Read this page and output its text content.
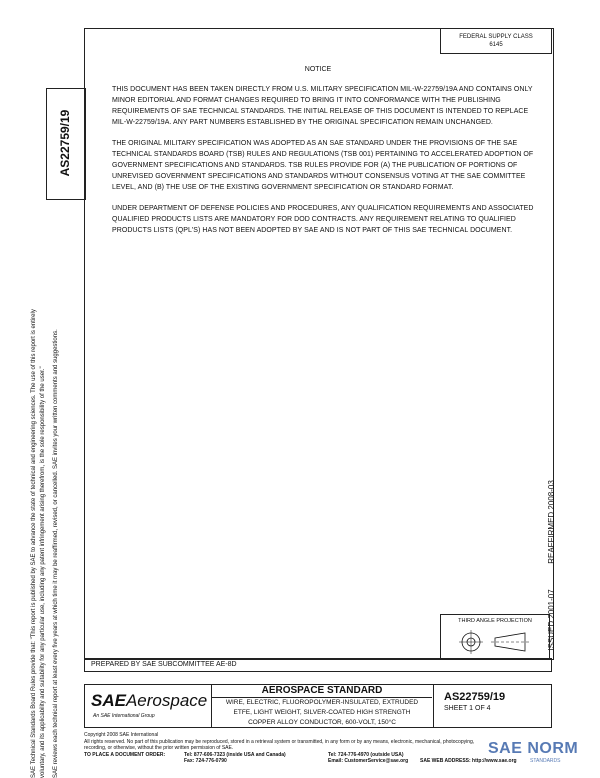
FEDERAL SUPPLY CLASS
6145
NOTICE

THIS DOCUMENT HAS BEEN TAKEN DIRECTLY FROM U.S. MILITARY SPECIFICATION MIL-W-22759/19A AND CONTAINS ONLY MINOR EDITORIAL AND FORMAT CHANGES REQUIRED TO BRING IT INTO CONFORMANCE WITH THE PUBLISHING REQUIREMENTS OF SAE TECHNICAL STANDARDS. THE INITIAL RELEASE OF THIS DOCUMENT IS INTENDED TO REPLACE MIL-W-22759/19A. ANY PART NUMBERS ESTABLISHED BY THE ORIGINAL SPECIFICATION REMAIN UNCHANGED.

THE ORIGINAL MILITARY SPECIFICATION WAS ADOPTED AS AN SAE STANDARD UNDER THE PROVISIONS OF THE SAE TECHNICAL STANDARDS BOARD (TSB) RULES AND REGULATIONS (TSB 001) PERTAINING TO ACCELERATED ADOPTION OF GOVERNMENT SPECIFICATIONS AND STANDARDS. TSB RULES PROVIDE FOR (A) THE PUBLICATION OF PORTIONS OF UNREVISED GOVERNMENT SPECIFICATIONS AND STANDARDS WITHOUT CONSENSUS VOTING AT THE SAE COMMITTEE LEVEL, AND (B) THE USE OF THE EXISTING GOVERNMENT SPECIFICATION OR STANDARD FORMAT.

UNDER DEPARTMENT OF DEFENSE POLICIES AND PROCEDURES, ANY QUALIFICATION REQUIREMENTS AND ASSOCIATED QUALIFIED PRODUCTS LISTS ARE MANDATORY FOR DOD CONTRACTS. ANY REQUIREMENT RELATING TO QUALIFIED PRODUCTS LISTS (QPL'S) HAS NOT BEEN ADOPTED BY SAE AND IS NOT PART OF THIS SAE TECHNICAL DOCUMENT.

AS22759/19
SAE Technical Standards Board Rules provide that: "This report is published by SAE to advance the state of technical and engineering sciences. The use of this report is entirely voluntary, and its applicability and suitability for any particular use, including any patent infringement arising therefrom, is the sole responsibility of the user." SAE reviews each technical report at least every five years at which time it may be reaffirmed, revised, or cancelled. SAE invites your written comments and suggestions.	REAFFIRMED 2008-03
ISSUED 2001-07
THIRD ANGLE PROJECTION
PREPARED BY SAE SUBCOMMITTEE AE-8D
SAEAerospace
An SAE International Group
AEROSPACE STANDARD
WIRE, ELECTRIC, FLUOROPOLYMER-INSULATED, EXTRUDED
ETFE, LIGHT WEIGHT, SILVER-COATED HIGH STRENGTH
COPPER ALLOY CONDUCTOR, 600-VOLT, 150°C
AS22759/19
SHEET 1 OF 4
Copyright 2008 SAE International
All rights reserved. No part of this publication may be reproduced, stored in a retrieval system or transmitted, in any form or by any means, electronic, mechanical, photocopying,
recording, or otherwise, without the prior written permission of SAE.
TO PLACE A DOCUMENT ORDER:	Tel: 877-606-7323 (inside USA and Canada)	Tel: 724-776-4970 (outside USA)
Fax: 724-776-0790	Email: CustomerService@sae.org SAE WEB ADDRESS: http://www.sae.org
SAE NORM
STANDARDS
